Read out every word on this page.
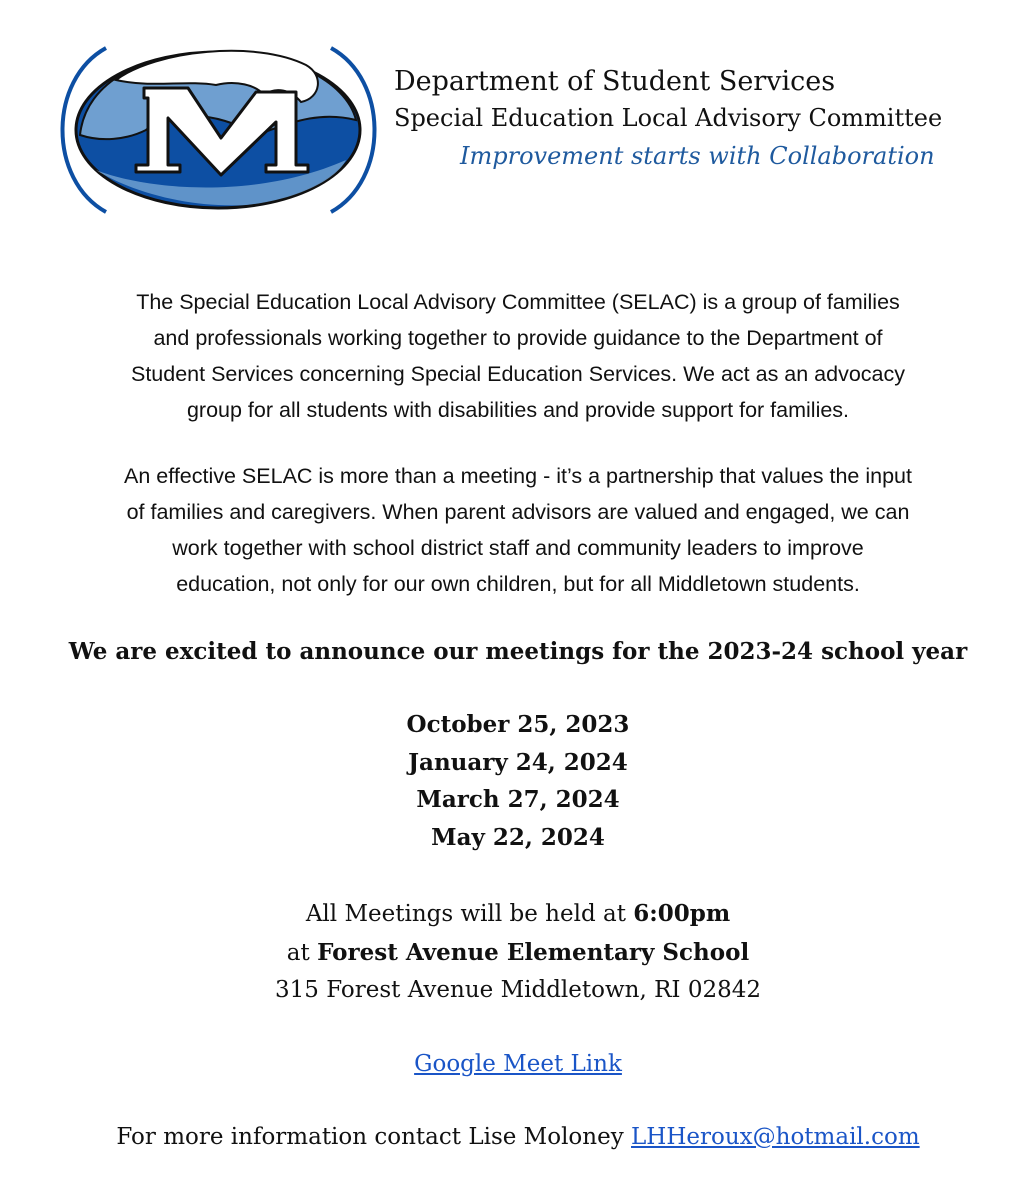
Department of Student Services
Special Education Local Advisory Committee
Improvement starts with Collaboration
The Special Education Local Advisory Committee (SELAC) is a group of families
and professionals working together to provide guidance to the Department of
Student Services concerning Special Education Services. We act as an advocacy
group for all students with disabilities and provide support for families.
An effective SELAC is more than a meeting - it’s a partnership that values the input
of families and caregivers. When parent advisors are valued and engaged, we can
work together with school district staff and community leaders to improve
education, not only for our own children, but for all Middletown students.
We are excited to announce our meetings for the 2023-24 school year
October 25, 2023
January 24, 2024
March 27, 2024
May 22, 2024
All Meetings will be held at 6:00pm
at Forest Avenue Elementary School
315 Forest Avenue Middletown, RI 02842
Google Meet Link
For more information contact Lise Moloney LHHeroux@hotmail.com
